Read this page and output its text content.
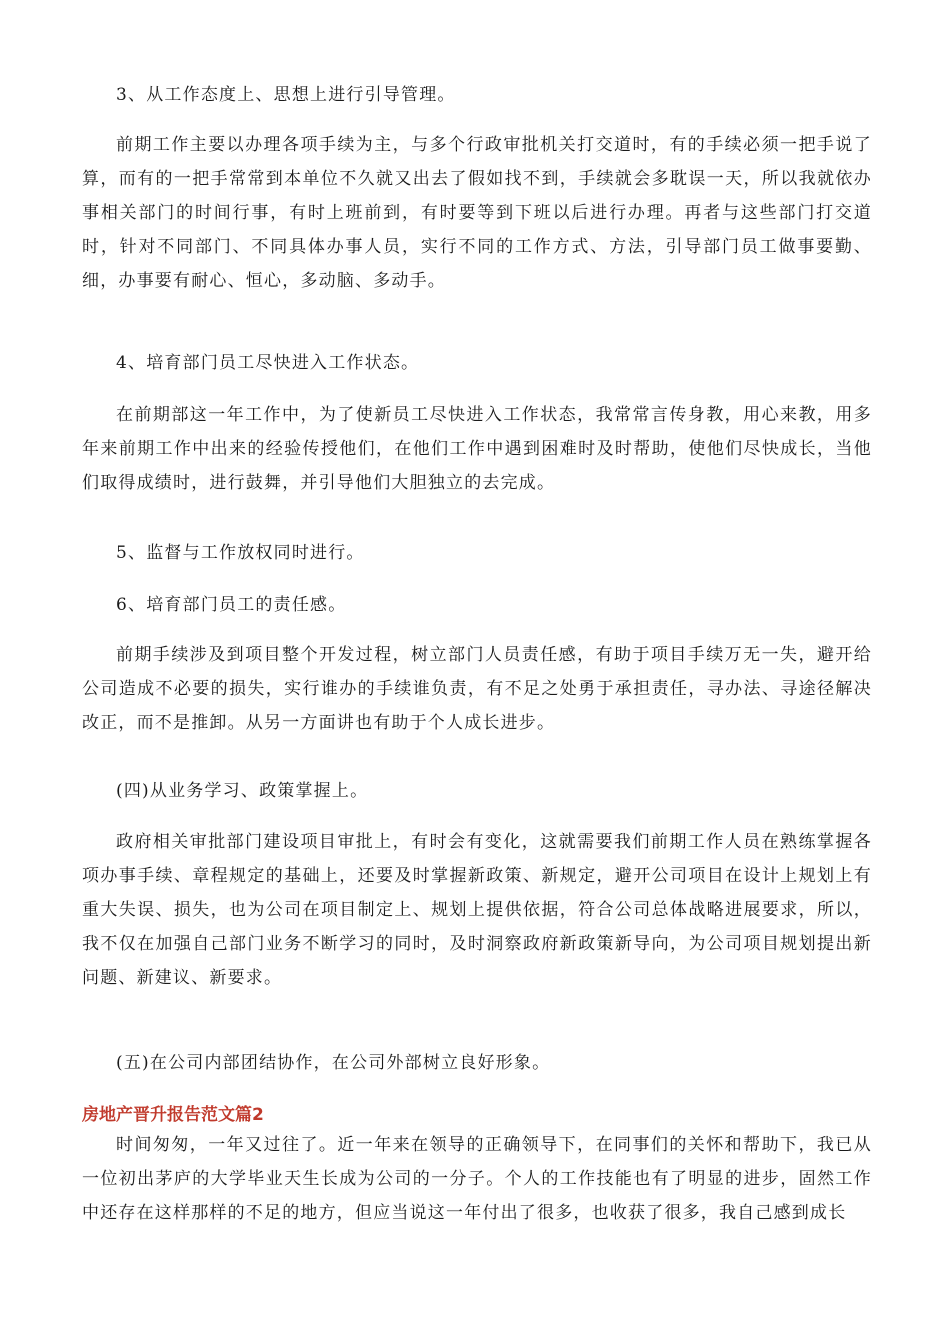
3、从工作态度上、思想上进行引导管理。

前期工作主要以办理各项手续为主，与多个行政审批机关打交道时，有的手续必须一把手说了算，而有的一把手常常到本单位不久就又出去了假如找不到，手续就会多耽误一天，所以我就依办事相关部门的时间行事，有时上班前到，有时要等到下班以后进行办理。再者与这些部门打交道时，针对不同部门、不同具体办事人员，实行不同的工作方式、方法，引导部门员工做事要勤、细，办事要有耐心、恒心，多动脑、多动手。

4、培育部门员工尽快进入工作状态。

在前期部这一年工作中，为了使新员工尽快进入工作状态，我常常言传身教，用心来教，用多年来前期工作中出来的经验传授他们，在他们工作中遇到困难时及时帮助，使他们尽快成长，当他们取得成绩时，进行鼓舞，并引导他们大胆独立的去完成。

5、监督与工作放权同时进行。

6、培育部门员工的责任感。

前期手续涉及到项目整个开发过程，树立部门人员责任感，有助于项目手续万无一失，避开给公司造成不必要的损失，实行谁办的手续谁负责，有不足之处勇于承担责任，寻办法、寻途径解决改正，而不是推卸。从另一方面讲也有助于个人成长进步。

(四)从业务学习、政策掌握上。

政府相关审批部门建设项目审批上，有时会有变化，这就需要我们前期工作人员在熟练掌握各项办事手续、章程规定的基础上，还要及时掌握新政策、新规定，避开公司项目在设计上规划上有重大失误、损失，也为公司在项目制定上、规划上提供依据，符合公司总体战略进展要求，所以，我不仅在加强自己部门业务不断学习的同时，及时洞察政府新政策新导向，为公司项目规划提出新问题、新建议、新要求。

(五)在公司内部团结协作，在公司外部树立良好形象。

房地产晋升报告范文篇2

时间匆匆，一年又过往了。近一年来在领导的正确领导下，在同事们的关怀和帮助下，我已从一位初出茅庐的大学毕业天生长成为公司的一分子。个人的工作技能也有了明显的进步，固然工作中还存在这样那样的不足的地方，但应当说这一年付出了很多，也收获了很多，我自己感到成长
